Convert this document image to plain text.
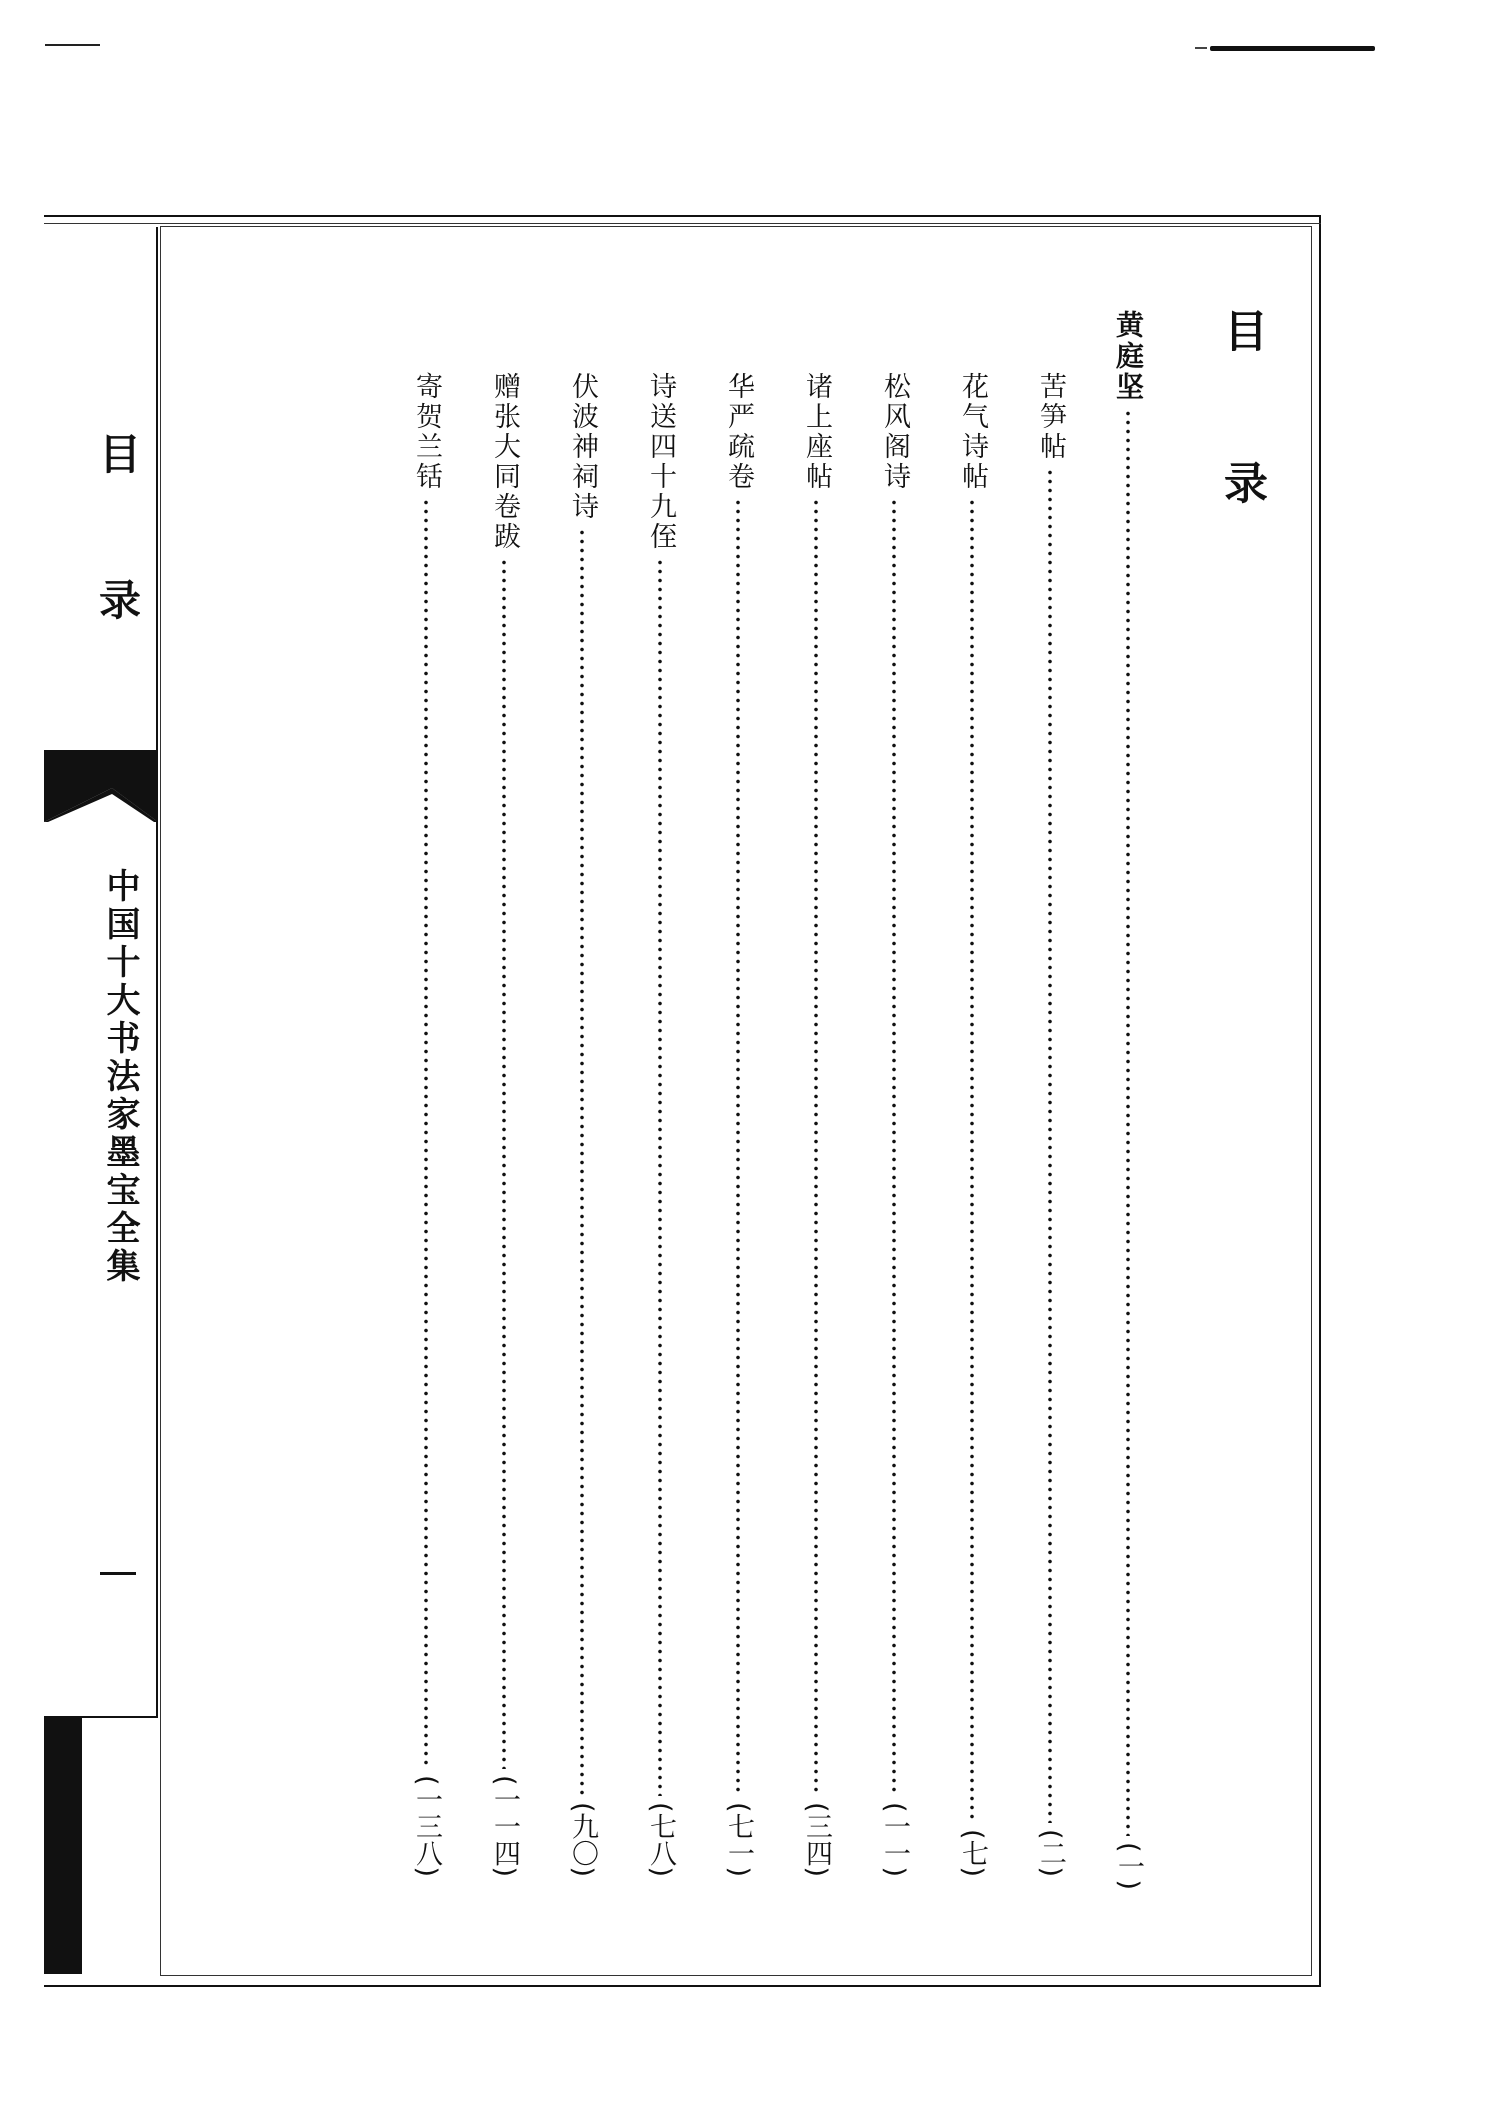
目
录
中国十大书法家墨宝全集
目录
黄庭坚
(一)
苦笋帖
(二)
花气诗帖
(七)
松风阁诗
(一一)
诸上座帖
(三四)
华严疏卷
(七一)
诗送四十九侄
(七八)
伏波神祠诗
(九〇)
赠张大同卷跋
(一一四)
寄贺兰铦
(一三八)
